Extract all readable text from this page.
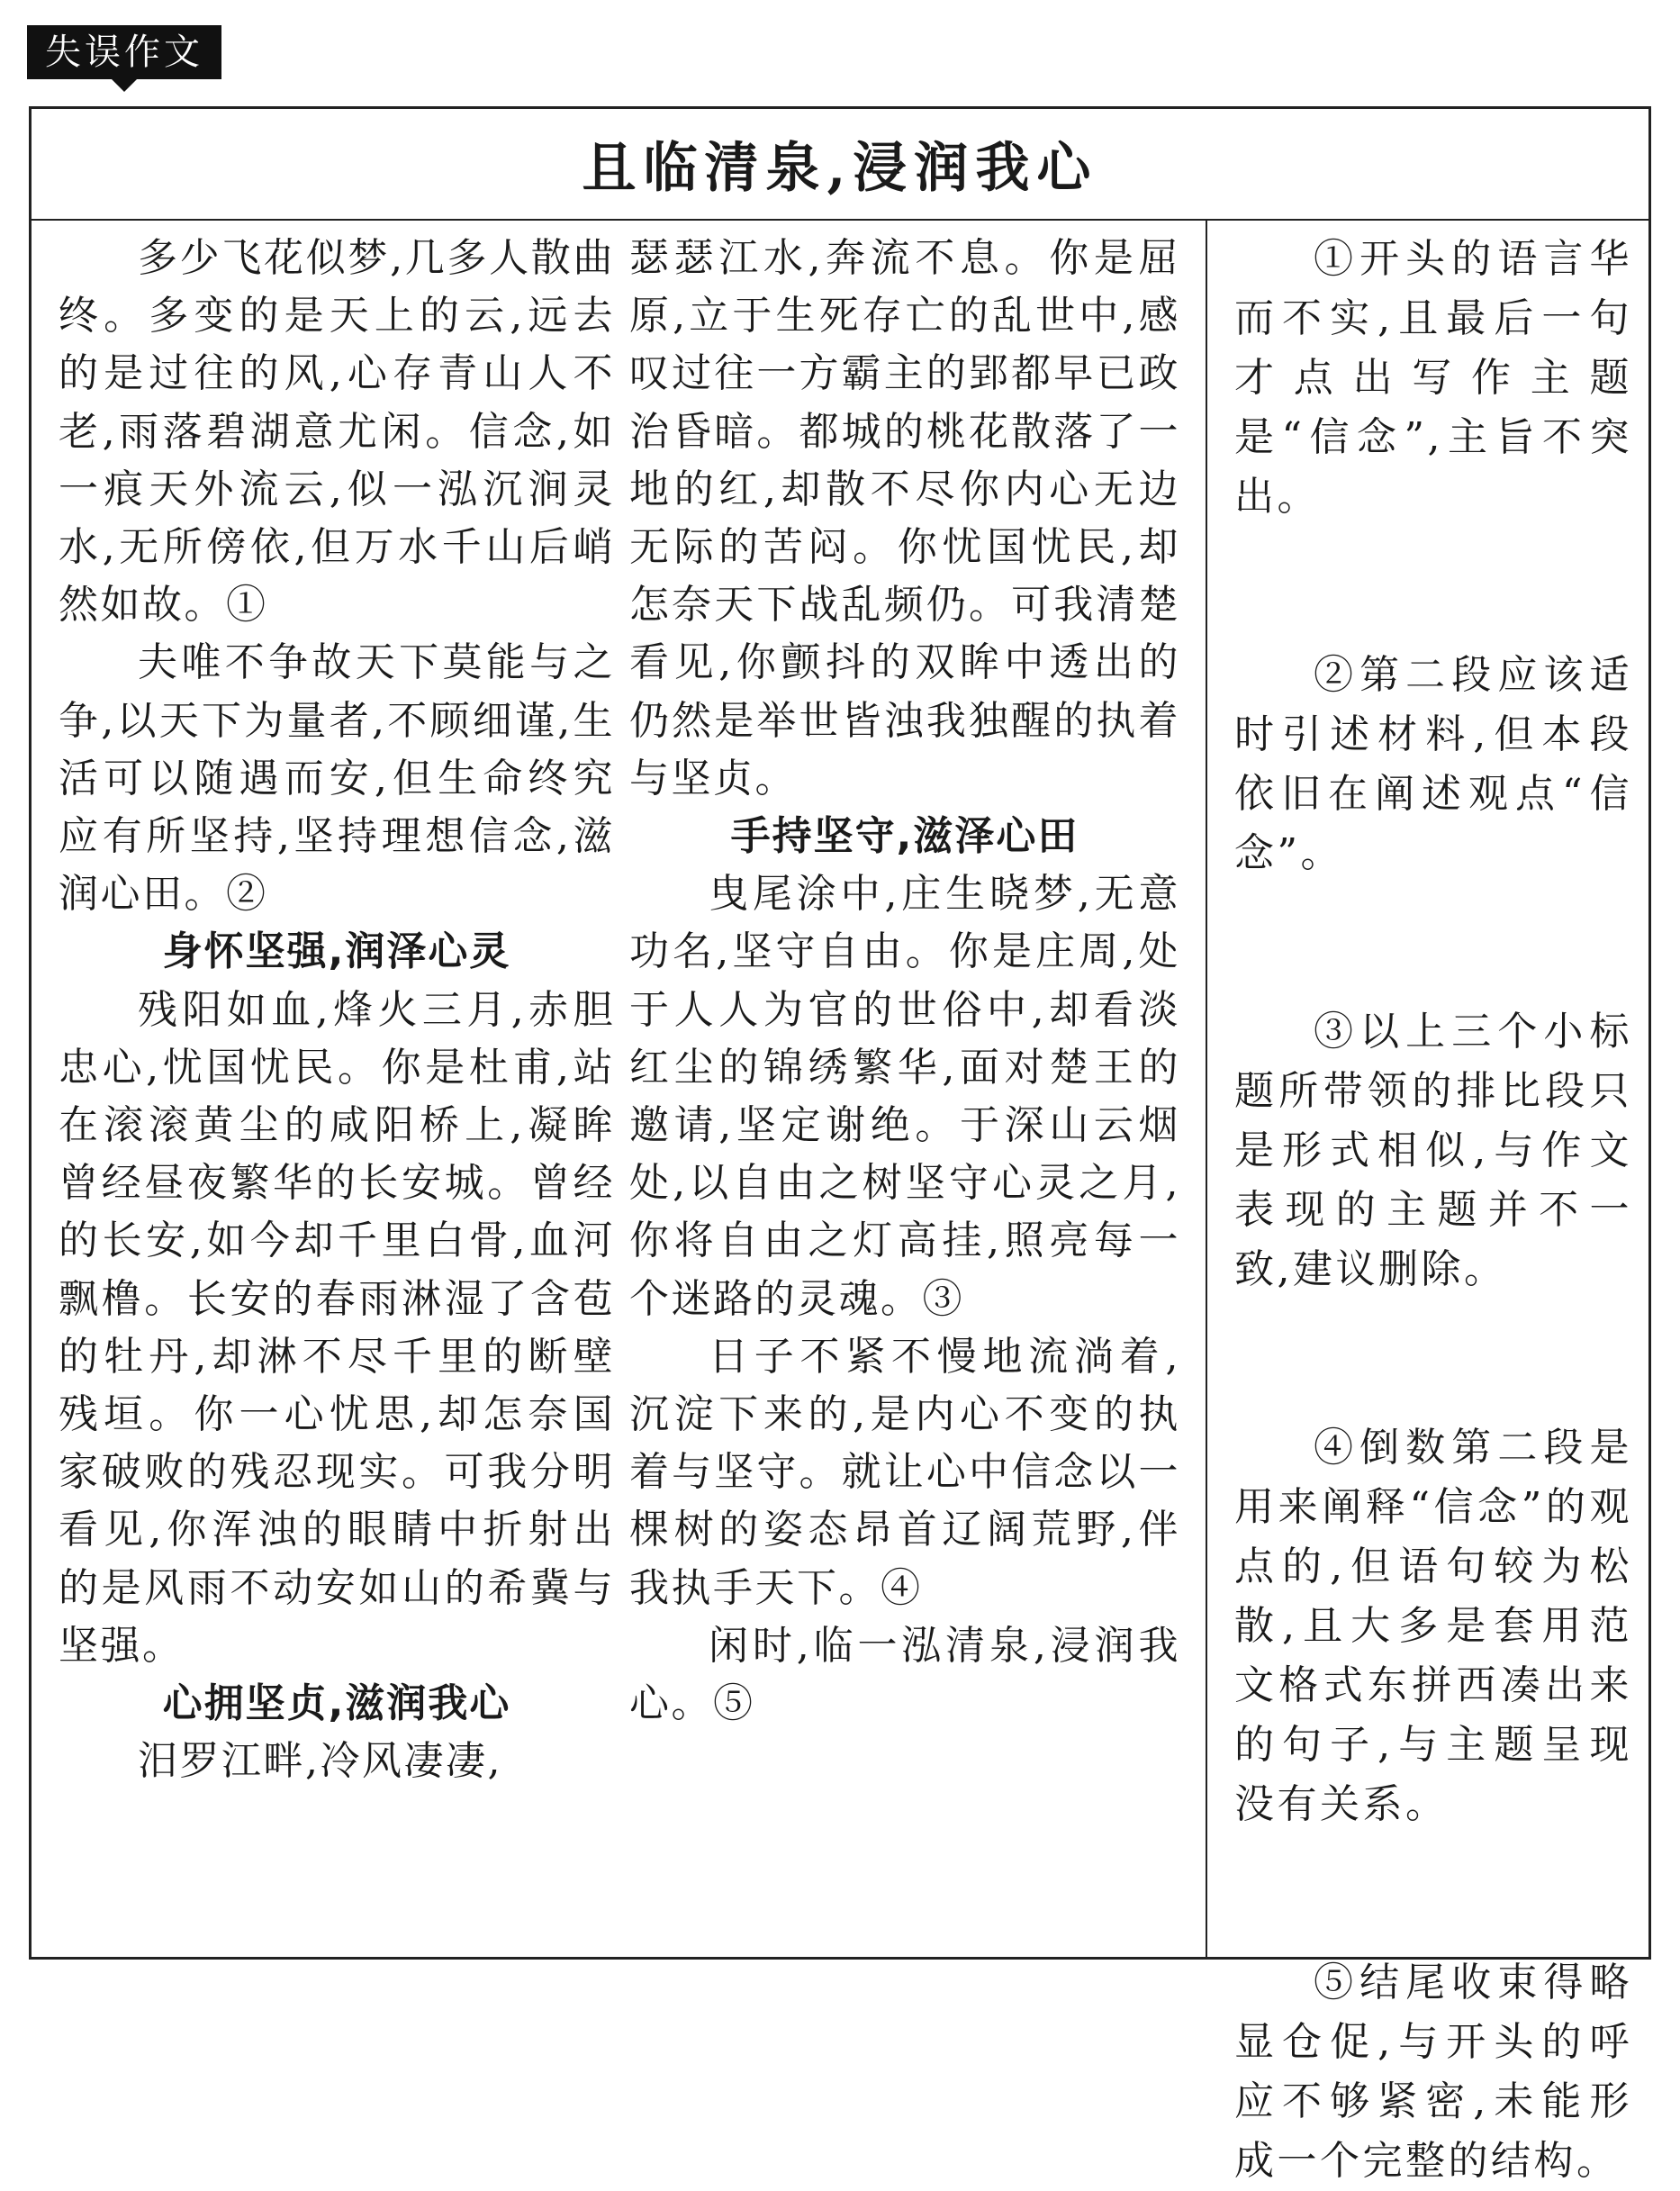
失误作文
且临清泉,浸润我心

多少飞花似梦,几多人散曲终。多变的是天上的云,远去的是过往的风,心存青山人不老,雨落碧湖意尤闲。信念,如一痕天外流云,似一泓沉涧灵水,无所傍依,但万水千山后峭然如故。①

夫唯不争故天下莫能与之争,以天下为量者,不顾细谨,生活可以随遇而安,但生命终究应有所坚持,坚持理想信念,滋润心田。②

身怀坚强,润泽心灵

残阳如血,烽火三月,赤胆忠心,忧国忧民。你是杜甫,站在滚滚黄尘的咸阳桥上,凝眸曾经昼夜繁华的长安城。曾经的长安,如今却千里白骨,血河飘橹。长安的春雨淋湿了含苞的牡丹,却淋不尽千里的断壁残垣。你一心忧思,却怎奈国家破败的残忍现实。可我分明看见,你浑浊的眼睛中折射出的是风雨不动安如山的希冀与坚强。

心拥坚贞,滋润我心

汨罗江畔,冷风凄凄,

瑟瑟江水,奔流不息。你是屈原,立于生死存亡的乱世中,感叹过往一方霸主的郢都早已政治昏暗。都城的桃花散落了一地的红,却散不尽你内心无边无际的苦闷。你忧国忧民,却怎奈天下战乱频仍。可我清楚看见,你颤抖的双眸中透出的仍然是举世皆浊我独醒的执着与坚贞。

手持坚守,滋泽心田

曳尾涂中,庄生晓梦,无意功名,坚守自由。你是庄周,处于人人为官的世俗中,却看淡红尘的锦绣繁华,面对楚王的邀请,坚定谢绝。于深山云烟处,以自由之树坚守心灵之月,你将自由之灯高挂,照亮每一个迷路的灵魂。③

日子不紧不慢地流淌着,沉淀下来的,是内心不变的执着与坚守。就让心中信念以一棵树的姿态昂首辽阔荒野,伴我执手天下。④

闲时,临一泓清泉,浸润我心。⑤

①开头的语言华而不实,且最后一句才点出写作主题是“信念”,主旨不突出。

②第二段应该适时引述材料,但本段依旧在阐述观点“信念”。

③以上三个小标题所带领的排比段只是形式相似,与作文表现的主题并不一致,建议删除。

④倒数第二段是用来阐释“信念”的观点的,但语句较为松散,且大多是套用范文格式东拼西凑出来的句子,与主题呈现没有关系。

⑤结尾收束得略显仓促,与开头的呼应不够紧密,未能形成一个完整的结构。
